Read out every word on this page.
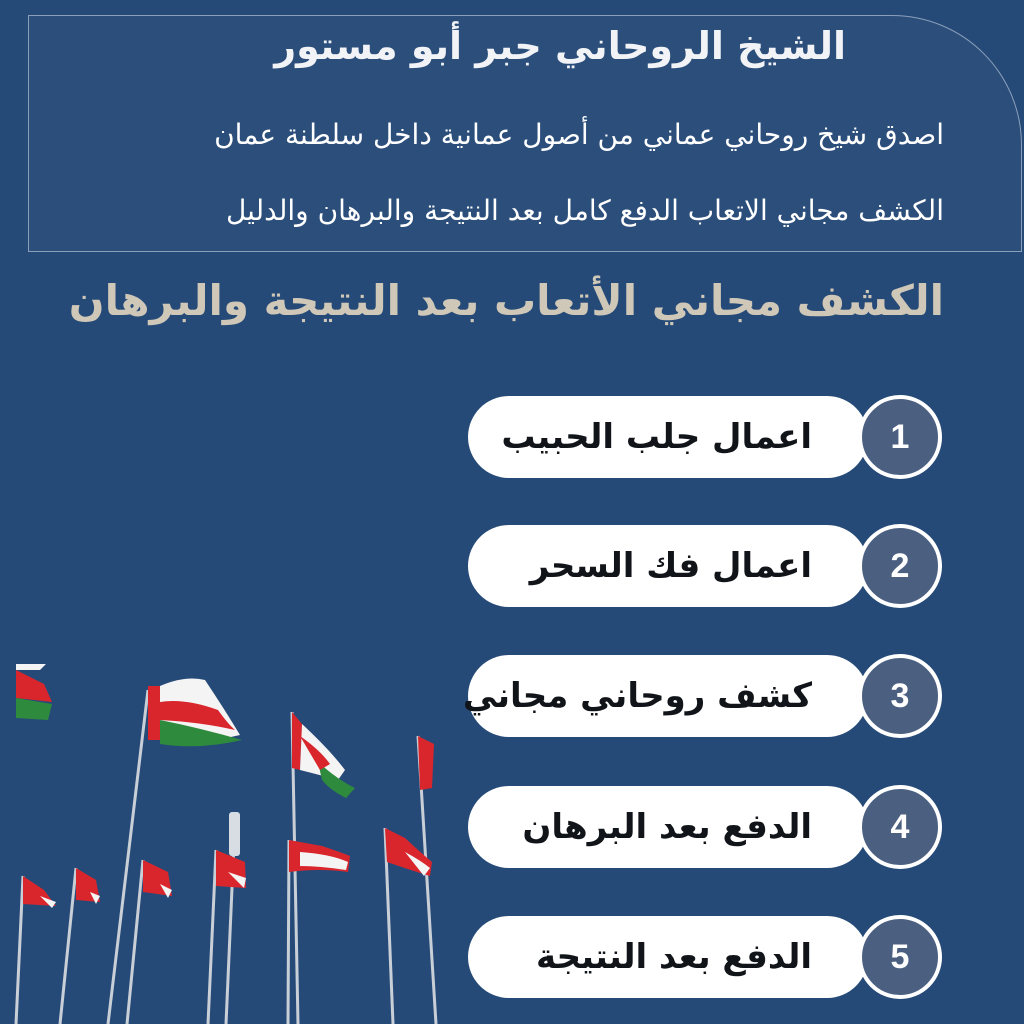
الشيخ الروحاني جبر أبو مستور

اصدق شيخ روحاني عماني من أصول عمانية داخل سلطنة عمان

الكشف مجاني الاتعاب الدفع كامل بعد النتيجة والبرهان والدليل

الكشف مجاني الأتعاب بعد النتيجة والبرهان
اعمال جلب الحبيب 1
اعمال فك السحر 2
كشف روحاني مجاني 3
الدفع بعد البرهان 4
الدفع بعد النتيجة 5
